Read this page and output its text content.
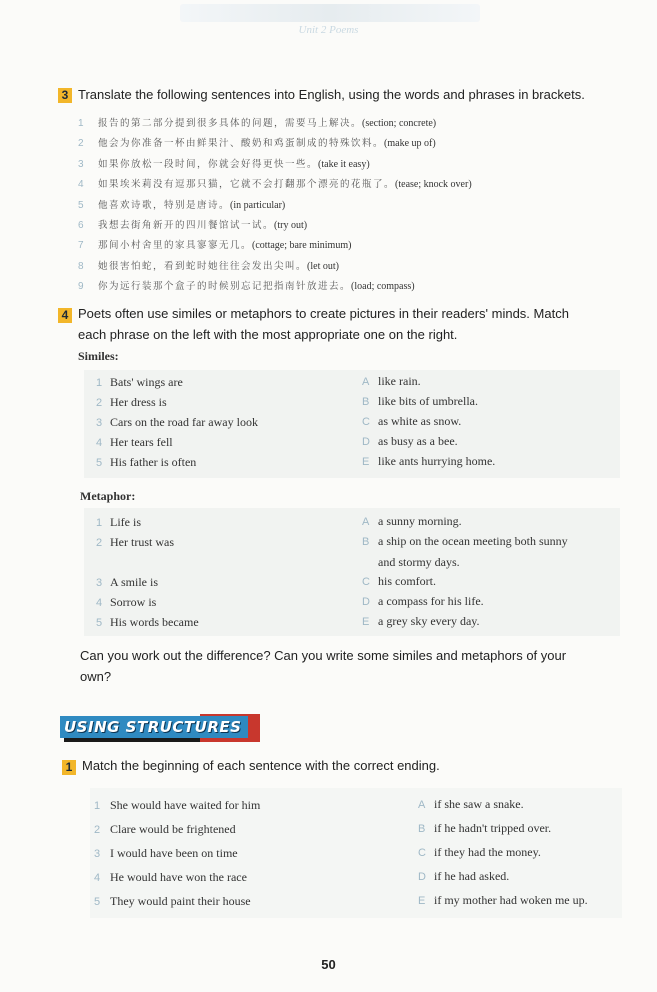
Unit 2 Poems
3 Translate the following sentences into English, using the words and phrases in brackets.
1 报告的第二部分提到很多具体的问题，需要马上解决。(section; concrete)
2 他会为你准备一杯由鲜果汁、酸奶和鸡蛋制成的特殊饮料。(make up of)
3 如果你放松一段时间，你就会好得更快一些。(take it easy)
4 如果埃米莉没有逗那只猫，它就不会打翻那个漂亮的花瓶了。(tease; knock over)
5 他喜欢诗歌，特别是唐诗。(in particular)
6 我想去街角新开的四川餐馆试一试。(try out)
7 那间小村舍里的家具寥寥无几。(cottage; bare minimum)
8 她很害怕蛇，看到蛇时她往往会发出尖叫。(let out)
9 你为远行装那个盒子的时候别忘记把指南针放进去。(load; compass)
4 Poets often use similes or metaphors to create pictures in their readers' minds. Match
each phrase on the left with the most appropriate one on the right.
Similes:
1 Bats' wings are
2 Her dress is
3 Cars on the road far away look
4 Her tears fell
5 His father is often
A like rain.
B like bits of umbrella.
C as white as snow.
D as busy as a bee.
E like ants hurrying home.
Metaphor:
1 Life is
2 Her trust was
3 A smile is
4 Sorrow is
5 His words became
A a sunny morning.
B a ship on the ocean meeting both sunny
and stormy days.
C his comfort.
D a compass for his life.
E a grey sky every day.
Can you work out the difference? Can you write some similes and metaphors of your
own?
USING STRUCTURES
1 Match the beginning of each sentence with the correct ending.
1 She would have waited for him
2 Clare would be frightened
3 I would have been on time
4 He would have won the race
5 They would paint their house
A if she saw a snake.
B if he hadn't tripped over.
C if they had the money.
D if he had asked.
E if my mother had woken me up.
50
